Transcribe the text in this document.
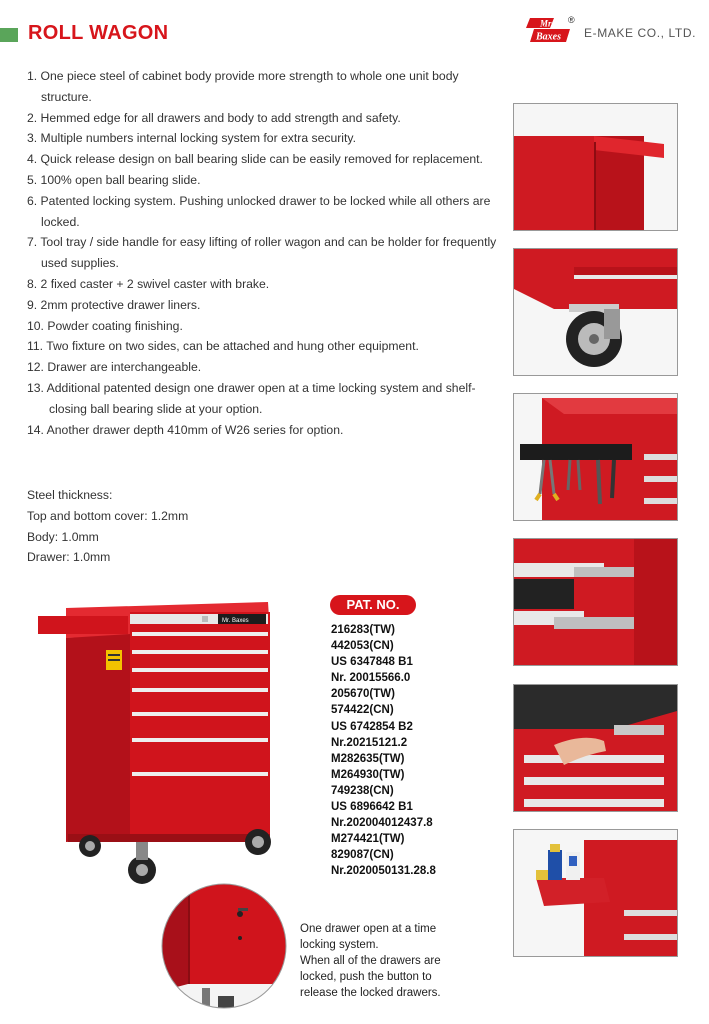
ROLL WAGON	Mr.
Baxes
®
E-MAKE CO., LTD.
1. One piece steel of cabinet body provide more strength to whole one unit body structure.
2. Hemmed edge for all drawers and body to add strength and safety.
3. Multiple numbers internal locking system for extra security.
4. Quick release design on ball bearing slide can be easily removed for replacement.
5. 100% open ball bearing slide.
6. Patented locking system. Pushing unlocked drawer to be locked while all others are locked.
7. Tool tray / side handle for easy lifting of roller wagon and can be holder for frequently used supplies.
8. 2 fixed caster + 2 swivel caster with brake.
9. 2mm protective drawer liners.
10. Powder coating finishing.
11. Two fixture on two sides, can be attached and hung other equipment.
12. Drawer are interchangeable.
13. Additional patented design one drawer open at a time locking system and shelf-closing ball bearing slide at your option.
14. Another drawer depth 410mm of W26 series for option.
Steel thickness:
Top and bottom cover: 1.2mm
Body: 1.0mm
Drawer: 1.0mm
Mr. Baxes
PAT. NO.
216283(TW)
442053(CN)
US 6347848 B1
Nr. 20015566.0
205670(TW)
574422(CN)
US 6742854 B2
Nr.20215121.2
M282635(TW)
M264930(TW)
749238(CN)
US 6896642 B1
Nr.202004012437.8
M274421(TW)
829087(CN)
Nr.2020050131.28.8
One drawer open at a time
locking system.
When all of the drawers are
locked, push the button to
release the locked drawers.
